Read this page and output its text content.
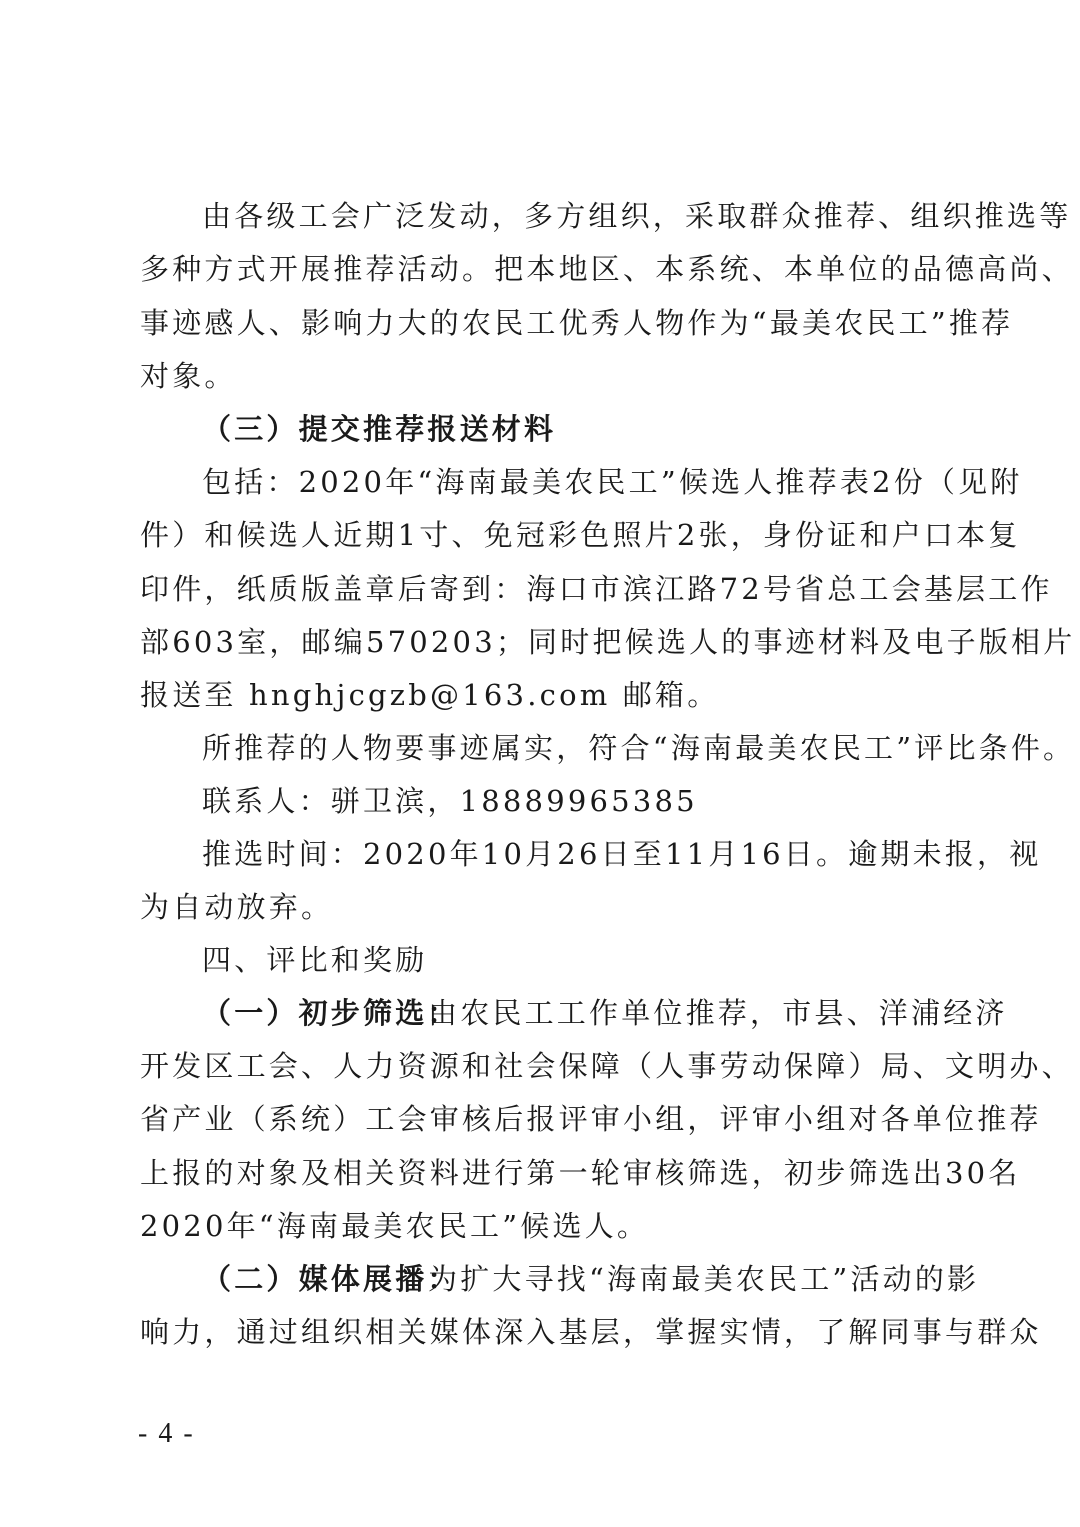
由各级工会广泛发动，多方组织，采取群众推荐、组织推选等
多种方式开展推荐活动。把本地区、本系统、本单位的品德高尚、
事迹感人、影响力大的农民工优秀人物作为“最美农民工”推荐
对象。
（三）提交推荐报送材料
包括：2020年“海南最美农民工”候选人推荐表2份（见附
件）和候选人近期1寸、免冠彩色照片2张，身份证和户口本复
印件，纸质版盖章后寄到：海口市滨江路72号省总工会基层工作
部603室，邮编570203；同时把候选人的事迹材料及电子版相片
报送至 hnghjcgzb@163.com 邮箱。
所推荐的人物要事迹属实，符合“海南最美农民工”评比条件。
联系人：骈卫滨，18889965385
推选时间：2020年10月26日至11月16日。逾期未报，视
为自动放弃。
四、评比和奖励
（一）初步筛选：
由农民工工作单位推荐，市县、洋浦经济
开发区工会、人力资源和社会保障（人事劳动保障）局、文明办、
省产业（系统）工会审核后报评审小组，评审小组对各单位推荐
上报的对象及相关资料进行第一轮审核筛选，初步筛选出30名
2020年“海南最美农民工”候选人。
（二）媒体展播：
为扩大寻找“海南最美农民工”活动的影
响力，通过组织相关媒体深入基层，掌握实情，了解同事与群众
- 4 -
